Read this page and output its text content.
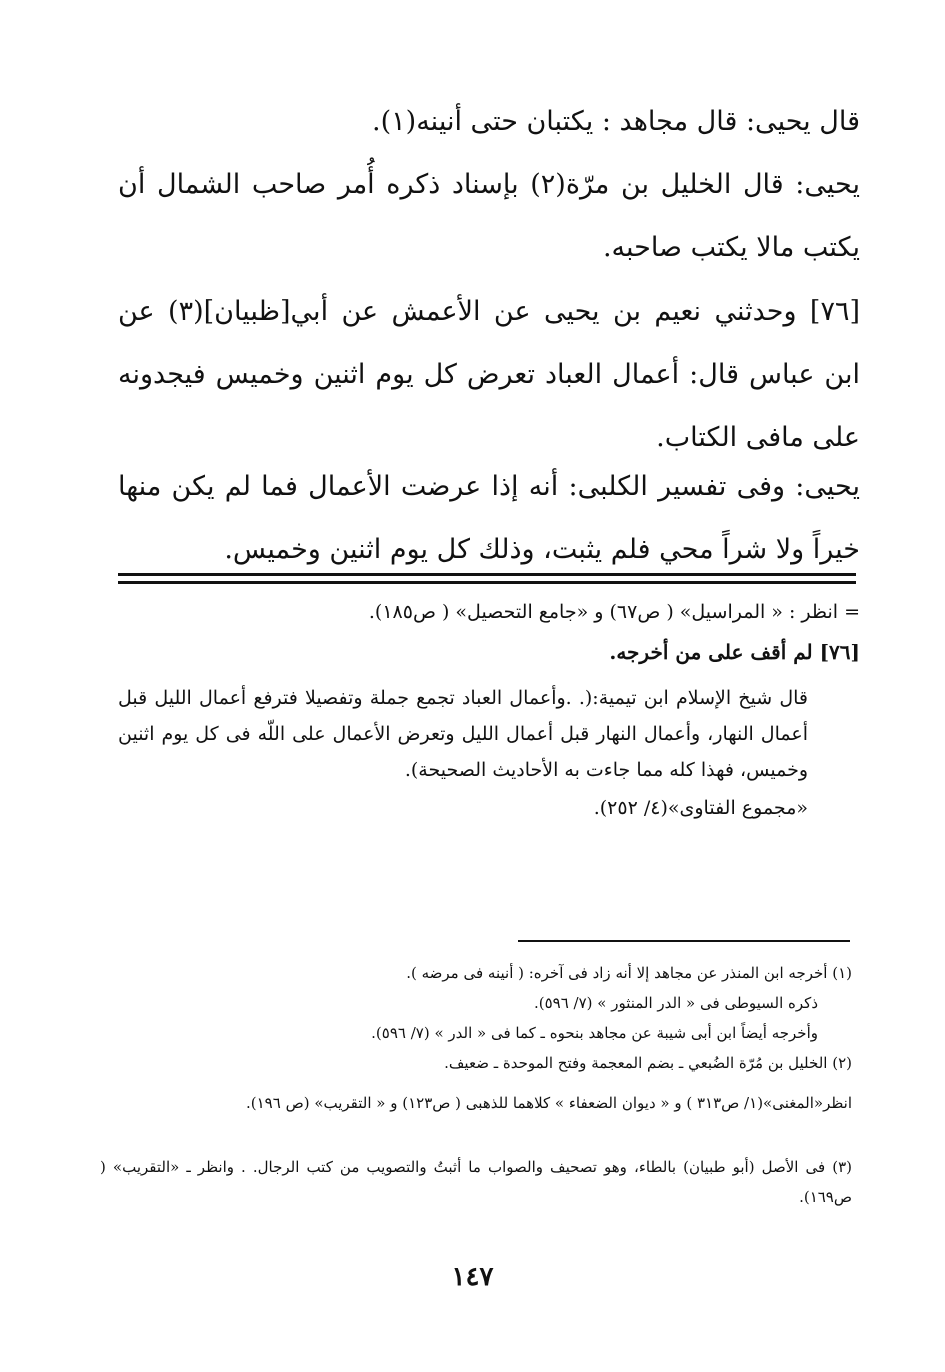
قال يحيى: قال مجاهد : يكتبان حتى أنينه(١).
يحيى: قال الخليل بن مرّة(٢) بإسناد ذكره أُمر صاحب الشمال أن يكتب مالا يكتب صاحبه.
[٧٦] وحدثني نعيم بن يحيى عن الأعمش عن أبي[ظبيان](٣) عن ابن عباس قال: أعمال العباد تعرض كل يوم اثنين وخميس فيجدونه على مافى الكتاب.
يحيى: وفى تفسير الكلبى: أنه إذا عرضت الأعمال فما لم يكن منها خيراً ولا شراً محي فلم يثبت، وذلك كل يوم اثنين وخميس.
= انظر : « المراسيل» ( ص٦٧) و «جامع التحصيل» ( ص١٨٥).
[٧٦] لم أقف على من أخرجه.
قال شيخ الإسلام ابن تيمية:(. .وأعمال العباد تجمع جملة وتفصيلا فترفع أعمال الليل قبل أعمال النهار، وأعمال النهار قبل أعمال الليل وتعرض الأعمال على اللّه فى كل يوم اثنين وخميس، فهذا كله مما جاءت به الأحاديث الصحيحة).
«مجموع الفتاوى»(٤/ ٢٥٢).
(١) أخرجه ابن المنذر عن مجاهد إلا أنه زاد فى آخره: ( أنينه فى مرضه ).
ذكره السيوطى فى « الدر المنثور » (٧/ ٥٩٦).
وأخرجه أيضاً ابن أبى شيبة عن مجاهد بنحوه ـ كما فى « الدر » (٧/ ٥٩٦).
(٢) الخليل بن مُرّة الضُبعي ـ بضم المعجمة وفتح الموحدة ـ ضعيف.
انظر«المغنى»(١/ ص٣١٣ ) و « ديوان الضعفاء » كلاهما للذهبى ( ص١٢٣) و « التقريب» (ص ١٩٦).
(٣) فى الأصل (أبو طبيان) بالطاء، وهو تصحيف والصواب ما أثبتُ والتصويب من كتب الرجال. . وانظر ـ «التقريب» ( ص١٦٩).
١٤٧
